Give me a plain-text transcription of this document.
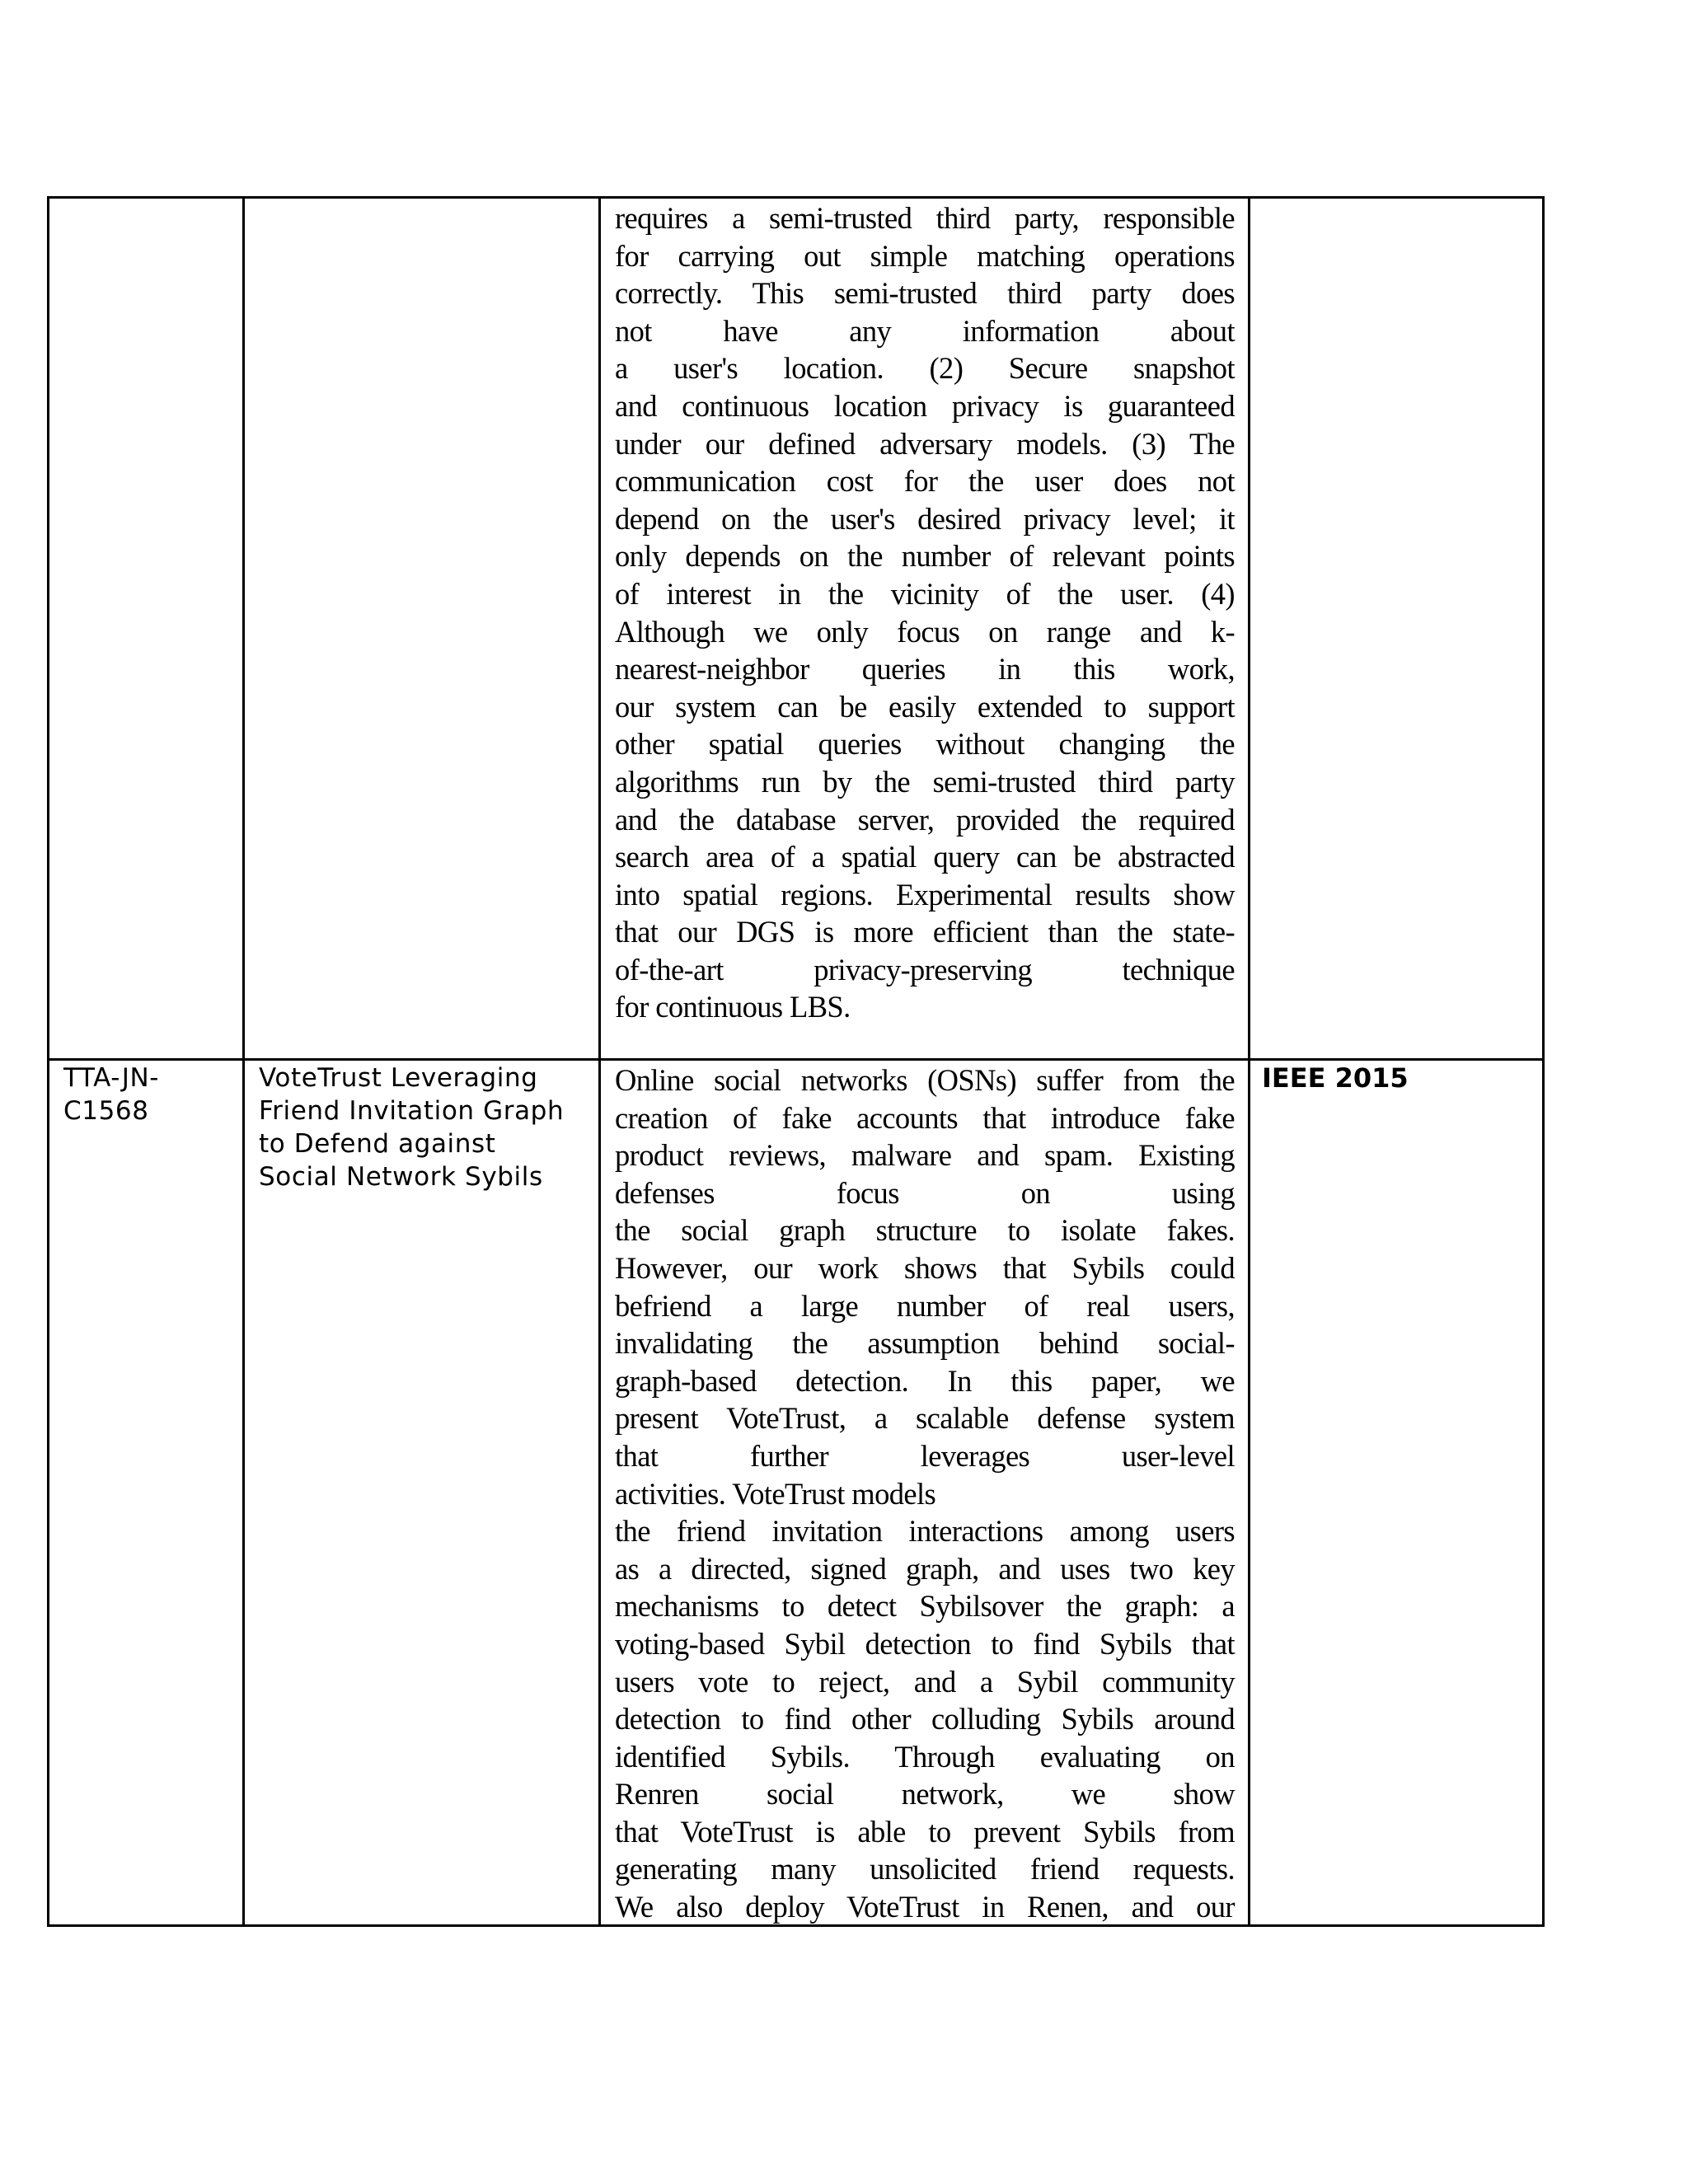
requires a semi-trusted third party, responsible
for carrying out simple matching operations
correctly. This semi-trusted third party does
not have any information about
a user's location. (2) Secure snapshot
and continuous location privacy is guaranteed
under our defined adversary models. (3) The
communication cost for the user does not
depend on the user's desired privacy level; it
only depends on the number of relevant points
of interest in the vicinity of the user. (4)
Although we only focus on range and k-
nearest-neighbor queries in this work,
our system can be easily extended to support
other spatial queries without changing the
algorithms run by the semi-trusted third party
and the database server, provided the required
search area of a spatial query can be abstracted
into spatial regions. Experimental results show
that our DGS is more efficient than the state-
of-the-art privacy-preserving technique
for continuous LBS.
TTA-JN-
C1568
VoteTrust Leveraging
Friend Invitation Graph
to Defend against
Social Network Sybils
Online social networks (OSNs) suffer from the
creation of fake accounts that introduce fake
product reviews, malware and spam. Existing
defenses focus on using
the social graph structure to isolate fakes.
However, our work shows that Sybils could
befriend a large number of real users,
invalidating the assumption behind social-
graph-based detection. In this paper, we
present VoteTrust, a scalable defense system
that further leverages user-level
activities. VoteTrust models
the friend invitation interactions among users
as a directed, signed graph, and uses two key
mechanisms to detect Sybilsover the graph: a
voting-based Sybil detection to find Sybils that
users vote to reject, and a Sybil community
detection to find other colluding Sybils around
identified Sybils. Through evaluating on
Renren social network, we show
that VoteTrust is able to prevent Sybils from
generating many unsolicited friend requests.
We also deploy VoteTrust in Renen, and our
IEEE 2015
